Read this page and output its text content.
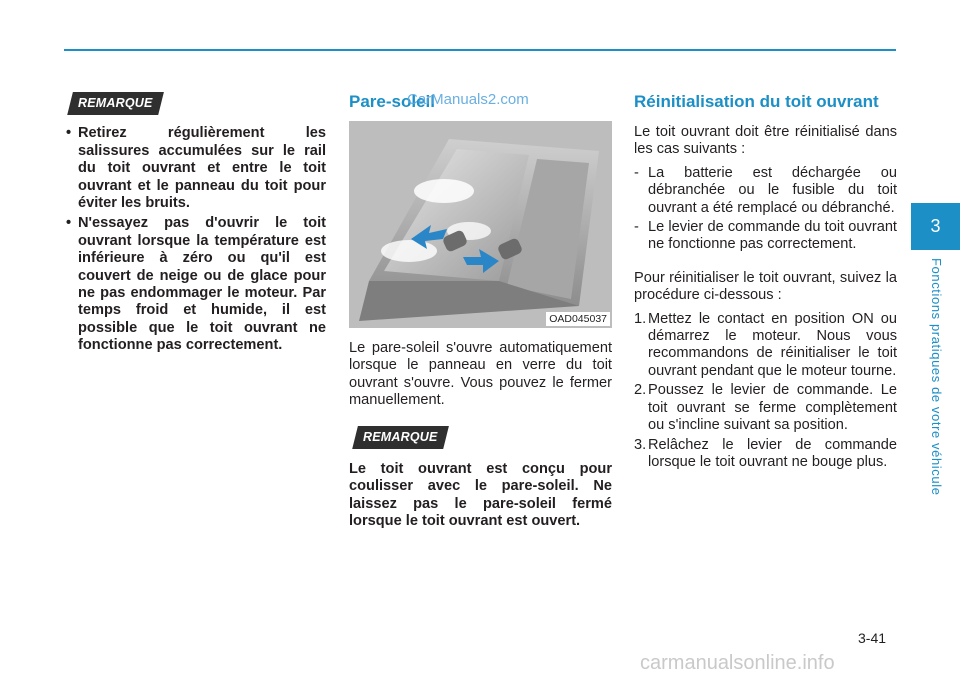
REMARQUE
• Retirez régulièrement les salissures accumulées sur le rail du toit ouvrant et entre le toit ouvrant et le panneau du toit pour éviter les bruits.
• N'essayez pas d'ouvrir le toit ouvrant lorsque la température est inférieure à zéro ou qu'il est couvert de neige ou de glace pour ne pas endommager le moteur. Par temps froid et humide, il est possible que le toit ouvrant ne fonctionne pas correctement.
Pare-soleil
OAD045037
Le pare-soleil s'ouvre automatiquement lorsque le panneau en verre du toit ouvrant s'ouvre. Vous pouvez le fermer manuellement.
REMARQUE
Le toit ouvrant est conçu pour coulisser avec le pare-soleil. Ne laissez pas le pare-soleil fermé lorsque le toit ouvrant est ouvert.
CarManuals2.com	Réinitialisation du toit ouvrant
Le toit ouvrant doit être réinitialisé dans les cas suivants :
- La batterie est déchargée ou débranchée ou le fusible du toit ouvrant a été remplacé ou débranché.
- Le levier de commande du toit ouvrant ne fonctionne pas correctement.
Pour réinitialiser le toit ouvrant, suivez la procédure ci-dessous :
1. Mettez le contact en position ON ou démarrez le moteur. Nous vous recommandons de réinitialiser le toit ouvrant pendant que le moteur tourne.
2. Poussez le levier de commande. Le toit ouvrant se ferme complètement ou s'incline suivant sa position.
3. Relâchez le levier de commande lorsque le toit ouvrant ne bouge plus.
3
Fonctions pratiques de votre véhicule
3-41
carmanualsonline.info
